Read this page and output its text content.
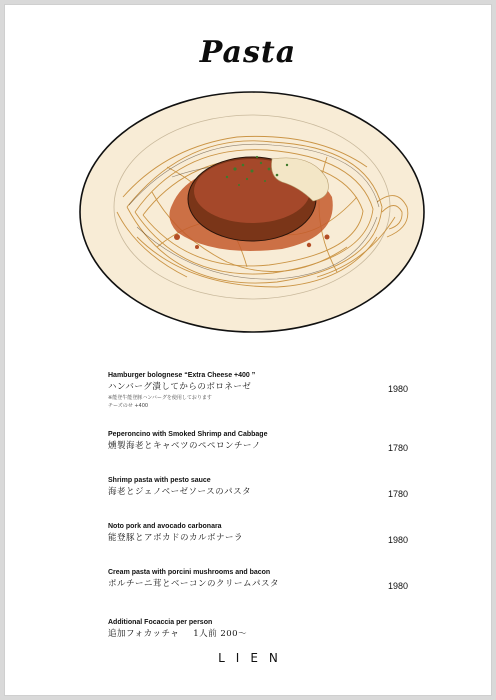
Pasta
Hamburger bolognese “Extra Cheese +400 ”
ハンバーグ潰してからのボロネーゼ
※能登牛能登豚ハンバーグを使用しております
チーズのせ +400
1980
Peperoncino with Smoked Shrimp and Cabbage
燻製海老とキャベツのペペロンチーノ	1780
Shrimp pasta with pesto sauce
海老とジェノベーゼソースのパスタ	1780
Noto pork and avocado carbonara
能登豚とアボカドのカルボナーラ	1980
Cream pasta with porcini mushrooms and bacon
ポルチーニ茸とベーコンのクリームパスタ	1980
Additional Focaccia per person
追加フォカッチャ 1人前 200〜
LIEN
